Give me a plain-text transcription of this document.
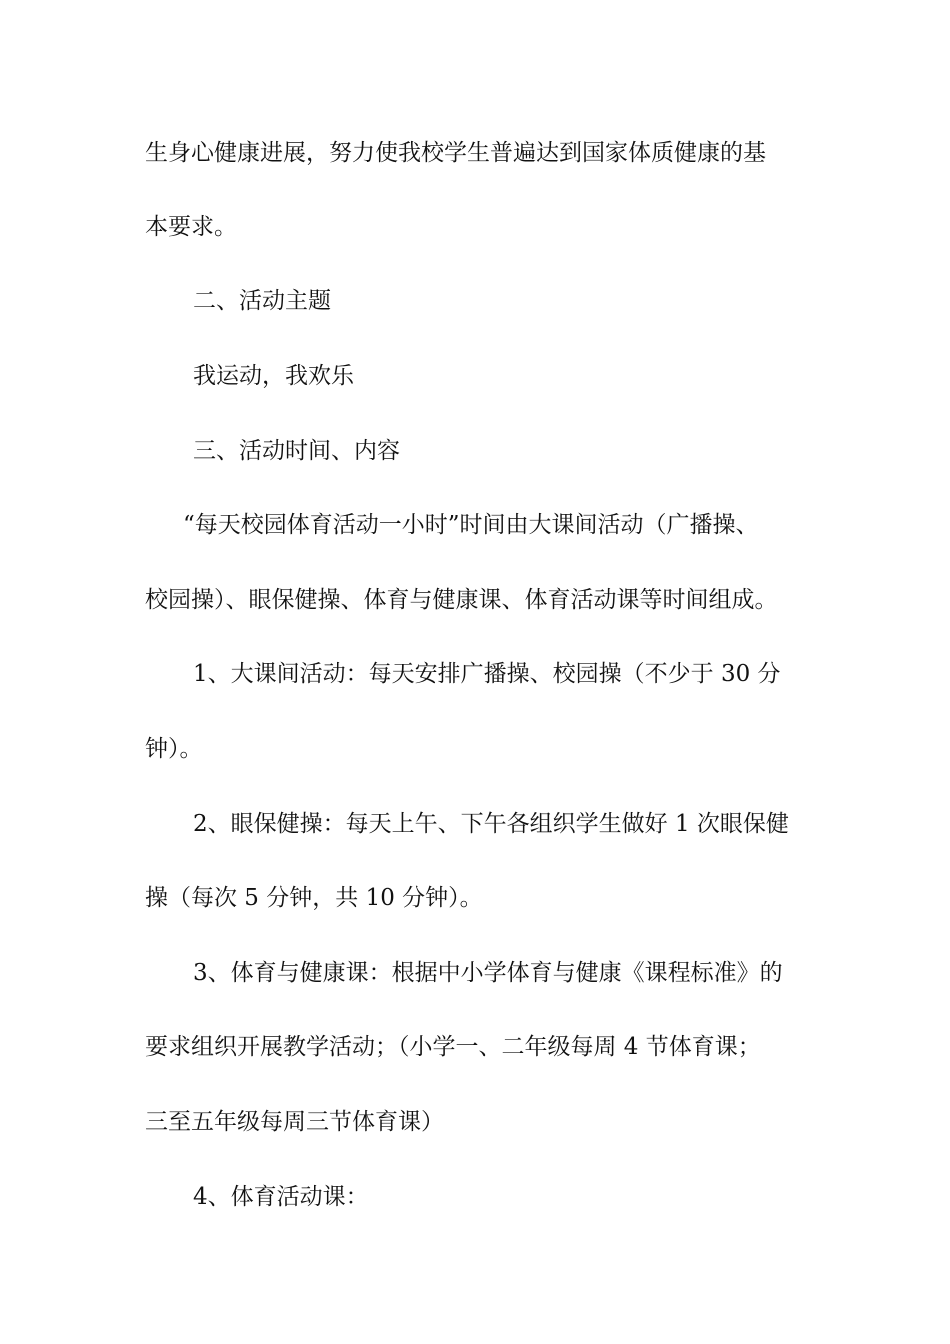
生身心健康进展，努力使我校学生普遍达到国家体质健康的基
本要求。
二、活动主题
我运动，我欢乐
三、活动时间、内容
“每天校园体育活动一小时”时间由大课间活动（广播操、
校园操）、眼保健操、体育与健康课、体育活动课等时间组成。
1、大课间活动：每天安排广播操、校园操（不少于 30 分
钟）。
2、眼保健操：每天上午、下午各组织学生做好 1 次眼保健
操（每次 5 分钟，共 10 分钟）。
3、体育与健康课：根据中小学体育与健康《课程标准》的
要求组织开展教学活动；（小学一、二年级每周 4 节体育课；
三至五年级每周三节体育课）
4、体育活动课：
